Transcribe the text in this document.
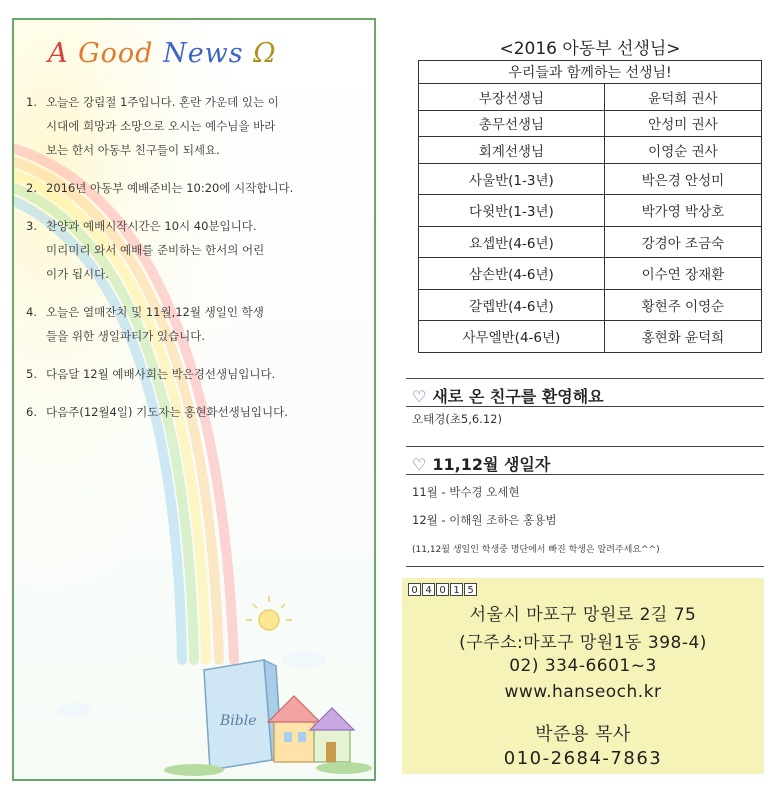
A Good News Ω
1. 오늘은 강림절 1주입니다. 혼란 가운데 있는 이
시대에 희망과 소망으로 오시는 예수님을 바라
보는 한서 아동부 친구들이 되세요.
2. 2016년 아동부 예배준비는 10:20에 시작합니다.
3. 찬양과 예배시작시간은 10시 40분입니다.
미리미리 와서 예배를 준비하는 한서의 어린
이가 됩시다.
4. 오늘은 열매잔치 및 11월,12월 생일인 학생
들을 위한 생일파티가 있습니다.
5. 다음달 12월 예배사회는 박은경선생님입니다.
6. 다음주(12월4일) 기도자는 홍현화선생님입니다.
Bible
<2016 아동부 선생님>
우리들과 함께하는 선생님!	
부장선생님	윤덕희 권사
총무선생님	안성미 권사
회계선생님	이영순 권사
사울반(1-3년)	박은경 안성미
다윗반(1-3년)	박가영 박상호
요셉반(4-6년)	강경아 조금숙
삼손반(4-6년)	이수연 장재환
갈렙반(4-6년)	황현주 이영순
사무엘반(4-6년)	홍현화 윤덕희
♡ 새로 온 친구를 환영해요
오태경(초5,6.12)
♡ 11,12월 생일자
11월 - 박수경 오세현
12월 - 이해원 조하은 홍용범
(11,12월 생일인 학생중 명단에서 빠진 학생은 알려주세요^^)
0 4 0 1 5
서울시 마포구 망원로 2길 75
(구주소:마포구 망원1동 398-4)
02) 334-6601~3
www.hanseoch.kr
박준용 목사
010-2684-7863
